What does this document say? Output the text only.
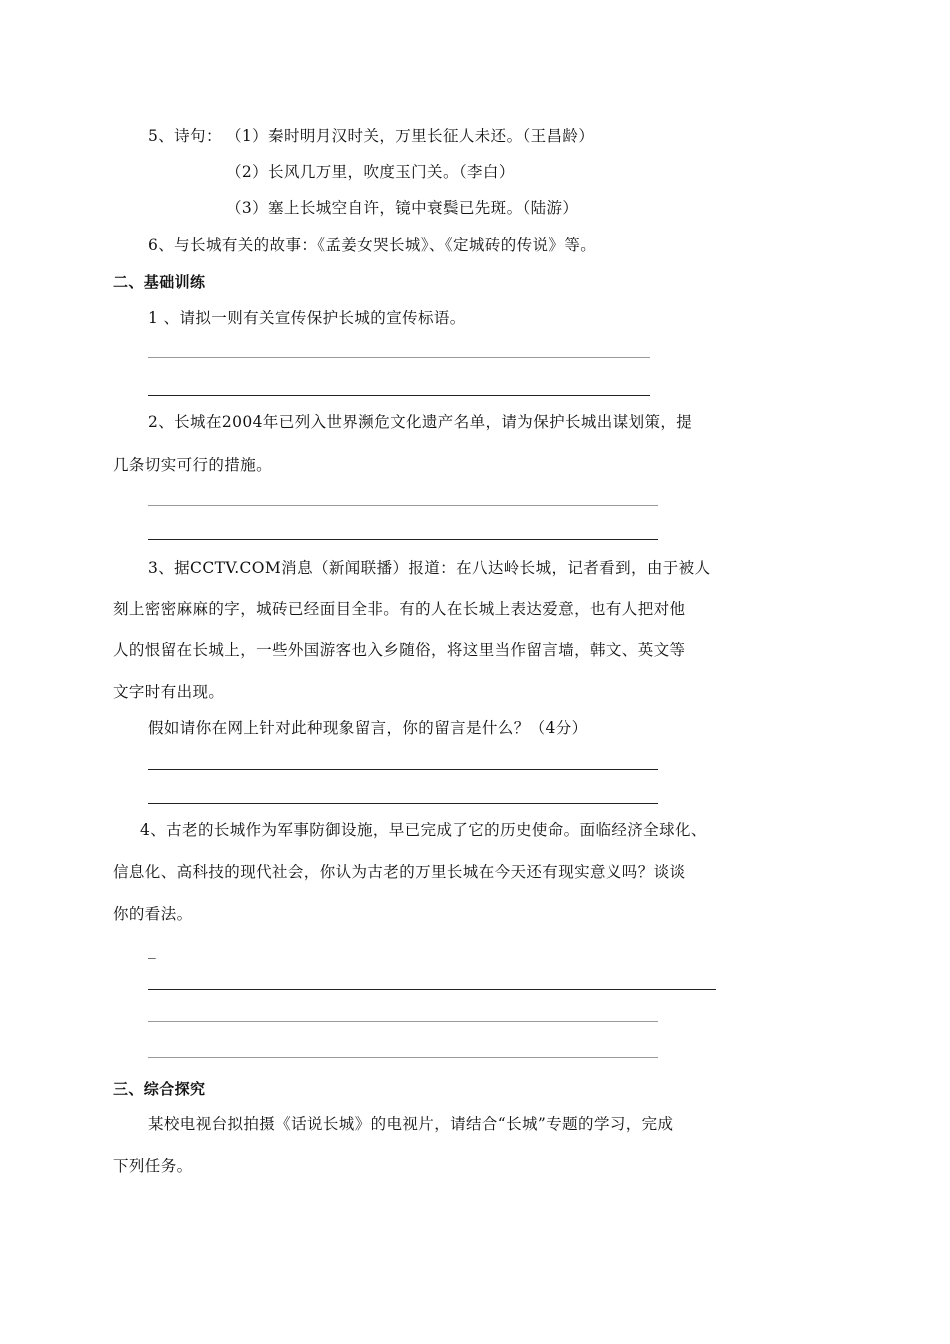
5、诗句： （1）秦时明月汉时关，万里长征人未还。（王昌龄）
（2）长风几万里，吹度玉门关。（李白）
（3）塞上长城空自许，镜中衰鬓已先斑。（陆游）
6、与长城有关的故事：《孟姜女哭长城》、《定城砖的传说》等。
二、基础训练
1 、请拟一则有关宣传保护长城的宣传标语。
2、长城在2004年已列入世界濒危文化遗产名单，请为保护长城出谋划策，提
几条切实可行的措施。
3、据CCTV.COM消息（新闻联播）报道：在八达岭长城，记者看到，由于被人
刻上密密麻麻的字，城砖已经面目全非。有的人在长城上表达爱意，也有人把对他
人的恨留在长城上，一些外国游客也入乡随俗，将这里当作留言墙，韩文、英文等
文字时有出现。
假如请你在网上针对此种现象留言，你的留言是什么？（4分）
4、古老的长城作为军事防御设施，早已完成了它的历史使命。面临经济全球化、
信息化、高科技的现代社会，你认为古老的万里长城在今天还有现实意义吗？谈谈
你的看法。
_
三、综合探究
某校电视台拟拍摄《话说长城》的电视片，请结合“长城”专题的学习，完成
下列任务。
